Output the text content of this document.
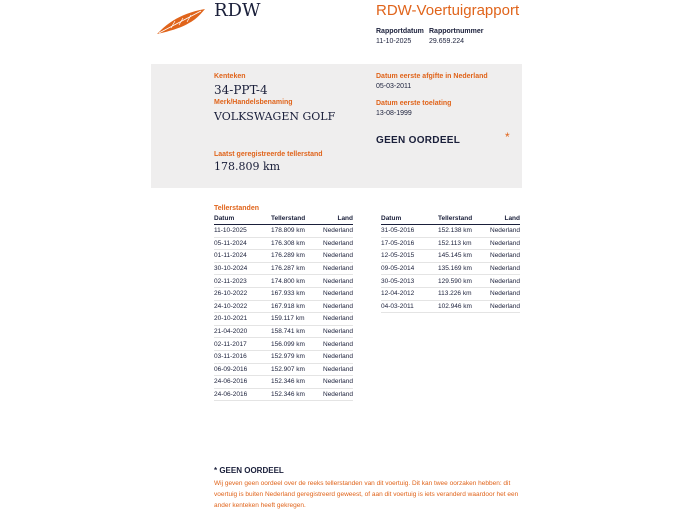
RDW	RDW-Voertuigrapport
Rapportdatum
11-10-2025
Rapportnummer
29.659.224
Kenteken
34-PPT-4
Merk/Handelsbenaming
VOLKSWAGEN GOLF
Laatst geregistreerde tellerstand
178.809 km
Datum eerste afgifte in Nederland
05-03-2011
Datum eerste toelating
13-08-1999
GEEN OORDEEL	*
Tellerstanden
Datum	Tellerstand	Land
11-10-2025	178.809 km	Nederland
05-11-2024	176.308 km	Nederland
01-11-2024	176.289 km	Nederland
30-10-2024	176.287 km	Nederland
02-11-2023	174.800 km	Nederland
26-10-2022	167.933 km	Nederland
24-10-2022	167.918 km	Nederland
20-10-2021	159.117 km	Nederland
21-04-2020	158.741 km	Nederland
02-11-2017	156.099 km	Nederland
03-11-2016	152.979 km	Nederland
06-09-2016	152.907 km	Nederland
24-06-2016	152.346 km	Nederland
24-06-2016	152.346 km	Nederland
Datum	Tellerstand	Land
31-05-2016	152.138 km	Nederland
17-05-2016	152.113 km	Nederland
12-05-2015	145.145 km	Nederland
09-05-2014	135.169 km	Nederland
30-05-2013	129.590 km	Nederland
12-04-2012	113.226 km	Nederland
04-03-2011	102.946 km	Nederland
* GEEN OORDEEL
Wij geven geen oordeel over de reeks tellerstanden van dit voertuig. Dit kan twee oorzaken hebben: dit voertuig is buiten Nederland geregistreerd geweest, of aan dit voertuig is iets veranderd waardoor het een ander kenteken heeft gekregen.
